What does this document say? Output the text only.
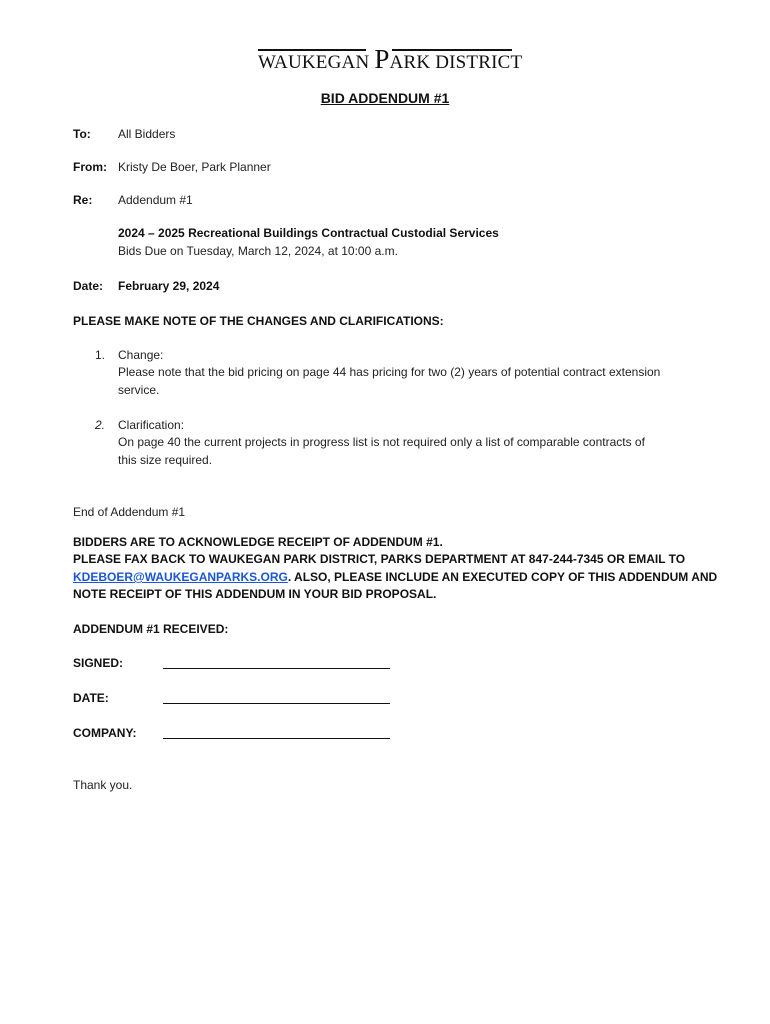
WAUKEGAN PARK DISTRICT
BID ADDENDUM #1
To: All Bidders
From: Kristy De Boer, Park Planner
Re: Addendum #1
2024 – 2025 Recreational Buildings Contractual Custodial Services
Bids Due on Tuesday, March 12, 2024, at 10:00 a.m.
Date: February 29, 2024
PLEASE MAKE NOTE OF THE CHANGES AND CLARIFICATIONS:
1. Change:
Please note that the bid pricing on page 44 has pricing for two (2) years of potential contract extension
service.
2. Clarification:
On page 40 the current projects in progress list is not required only a list of comparable contracts of
this size required.
End of Addendum #1
BIDDERS ARE TO ACKNOWLEDGE RECEIPT OF ADDENDUM #1.
PLEASE FAX BACK TO WAUKEGAN PARK DISTRICT, PARKS DEPARTMENT AT 847-244-7345 OR EMAIL TO
KDEBOER@WAUKEGANPARKS.ORG. ALSO, PLEASE INCLUDE AN EXECUTED COPY OF THIS ADDENDUM AND
NOTE RECEIPT OF THIS ADDENDUM IN YOUR BID PROPOSAL.
ADDENDUM #1 RECEIVED:
SIGNED:
DATE:
COMPANY:
Thank you.
